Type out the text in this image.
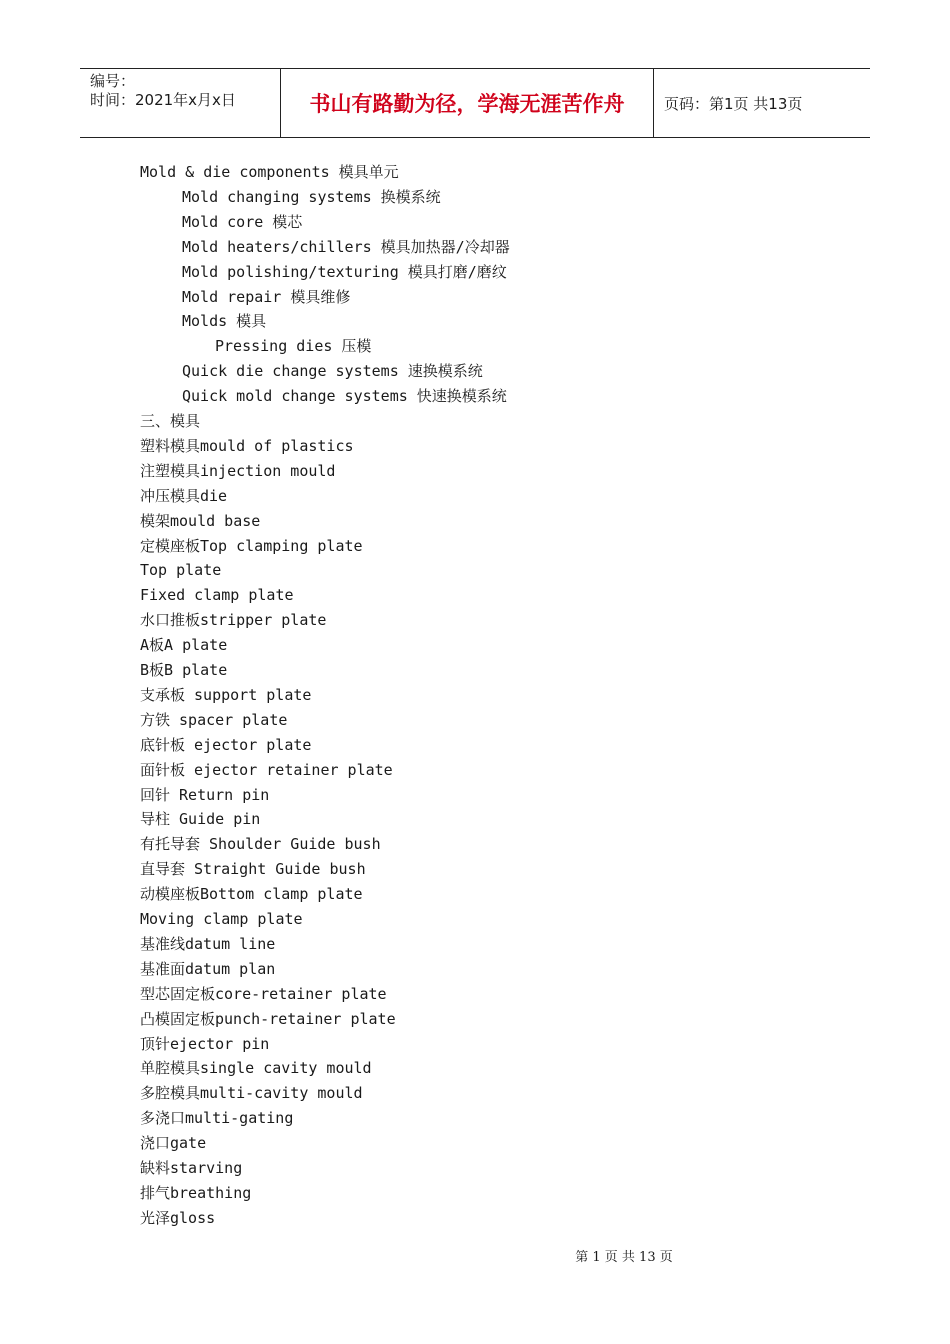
编号：
时间：2021年x月x日	书山有路勤为径，学海无涯苦作舟	页码：第1页 共13页
Mold & die components 模具单元
Mold changing systems 换模系统
Mold core 模芯
Mold heaters/chillers 模具加热器/冷却器
Mold polishing/texturing 模具打磨/磨纹
Mold repair 模具维修
Molds 模具
Pressing dies 压模
Quick die change systems 速换模系统
Quick mold change systems 快速换模系统
三、模具
塑料模具mould of plastics
注塑模具injection mould
冲压模具die
模架mould base
定模座板Top clamping plate
Top plate
Fixed clamp plate
水口推板stripper plate
A板A plate
B板B plate
支承板 support plate
方铁 spacer plate
底针板 ejector plate
面针板 ejector retainer plate
回针 Return pin
导柱 Guide pin
有托导套 Shoulder Guide bush
直导套 Straight Guide bush
动模座板Bottom clamp plate
Moving clamp plate
基准线datum line
基准面datum plan
型芯固定板core-retainer plate
凸模固定板punch-retainer plate
顶针ejector pin
单腔模具single cavity mould
多腔模具multi-cavity mould
多浇口multi-gating
浇口gate
缺料starving
排气breathing
光泽gloss
第 1 页 共 13 页
